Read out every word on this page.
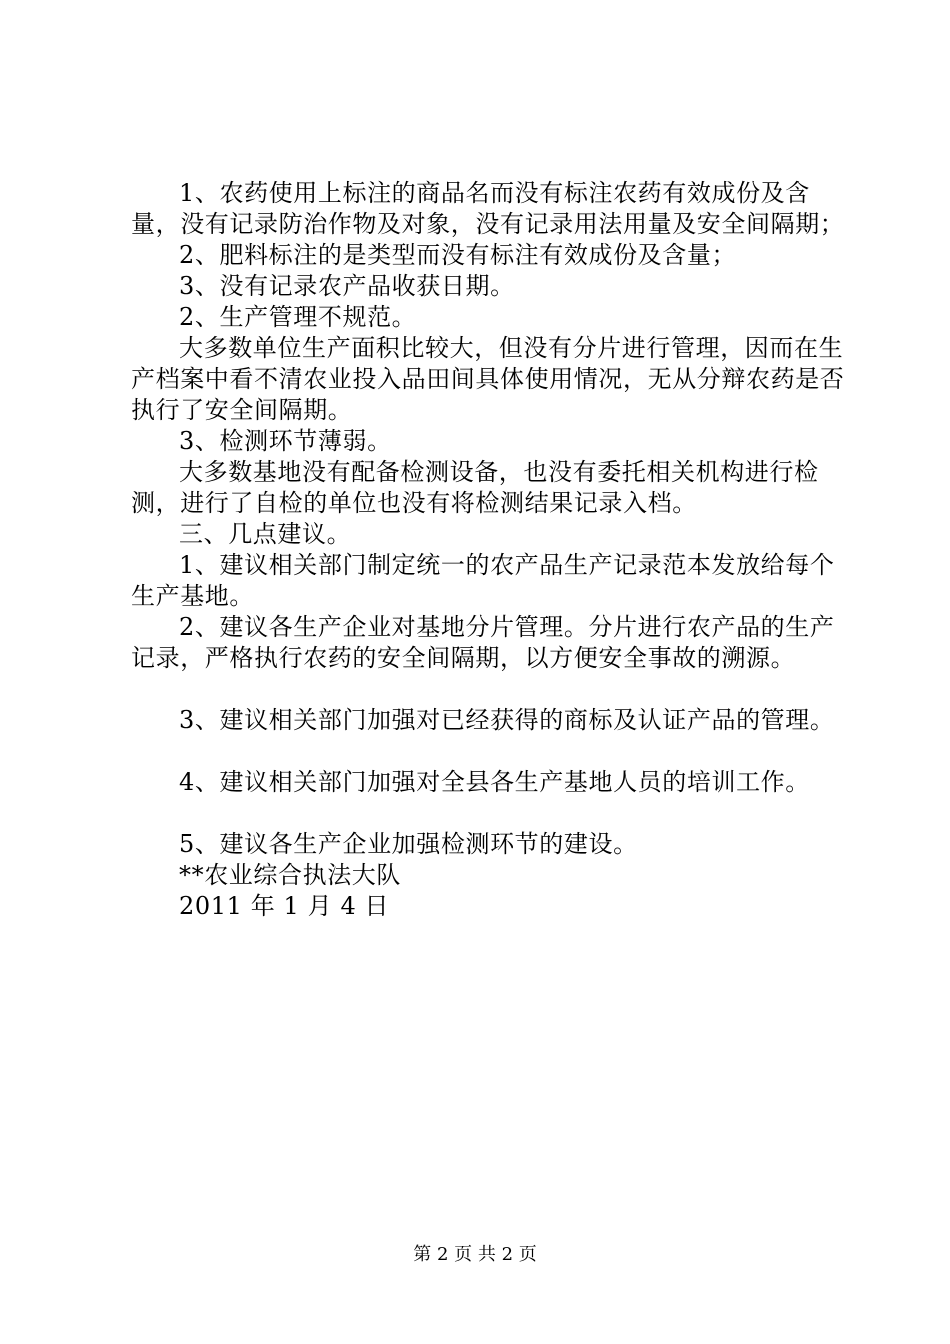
1、农药使用上标注的商品名而没有标注农药有效成份及含量，没有记录防治作物及对象，没有记录用法用量及安全间隔期；

2、肥料标注的是类型而没有标注有效成份及含量；

3、没有记录农产品收获日期。

2、生产管理不规范。

大多数单位生产面积比较大，但没有分片进行管理，因而在生产档案中看不清农业投入品田间具体使用情况，无从分辩农药是否执行了安全间隔期。

3、检测环节薄弱。

大多数基地没有配备检测设备，也没有委托相关机构进行检测，进行了自检的单位也没有将检测结果记录入档。

三、几点建议。

1、建议相关部门制定统一的农产品生产记录范本发放给每个生产基地。

2、建议各生产企业对基地分片管理。分片进行农产品的生产记录，严格执行农药的安全间隔期，以方便安全事故的溯源。

3、建议相关部门加强对已经获得的商标及认证产品的管理。

4、建议相关部门加强对全县各生产基地人员的培训工作。

5、建议各生产企业加强检测环节的建设。

**农业综合执法大队

2011 年 1 月 4 日

第 2 页 共 2 页
